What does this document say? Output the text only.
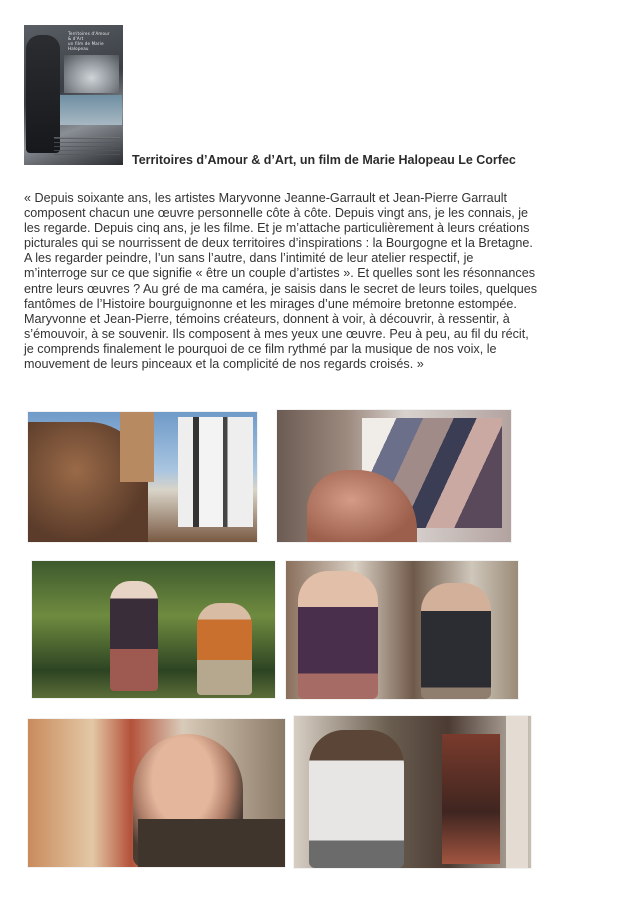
Territoires d'Amour
& d'Art
un film de Marie Halopeau
Territoires d’Amour & d’Art, un film de Marie Halopeau Le Corfec

« Depuis soixante ans, les artistes Maryvonne Jeanne-Garrault et Jean-Pierre Garrault
composent chacun une œuvre personnelle côte à côte. Depuis vingt ans, je les connais, je
les regarde. Depuis cinq ans, je les filme. Et je m’attache particulièrement à leurs créations
picturales qui se nourrissent de deux territoires d’inspirations : la Bourgogne et la Bretagne.
A les regarder peindre, l’un sans l’autre, dans l’intimité de leur atelier respectif, je
m’interroge sur ce que signifie « être un couple d’artistes ». Et quelles sont les résonnances
entre leurs œuvres ? Au gré de ma caméra, je saisis dans le secret de leurs toiles, quelques
fantômes de l’Histoire bourguignonne et les mirages d’une mémoire bretonne estompée.
Maryvonne et Jean-Pierre, témoins créateurs, donnent à voir, à découvrir, à ressentir, à
s’émouvoir, à se souvenir. Ils composent à mes yeux une œuvre. Peu à peu, au fil du récit,
je comprends finalement le pourquoi de ce film rythmé par la musique de nos voix, le
mouvement de leurs pinceaux et la complicité de nos regards croisés. »
